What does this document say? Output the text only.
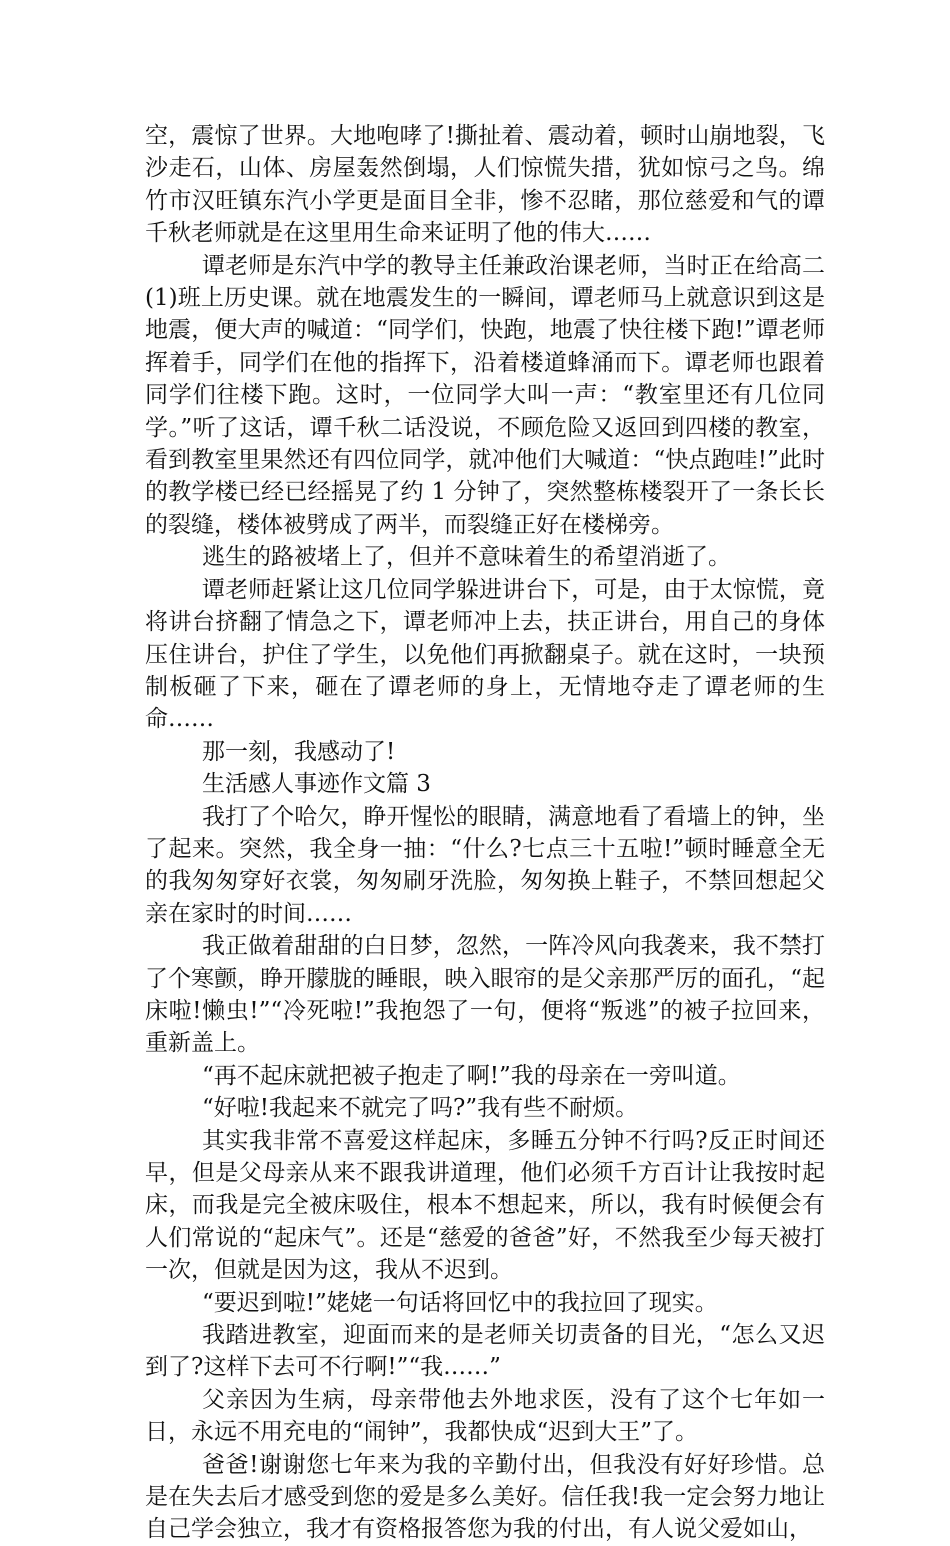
空，震惊了世界。大地咆哮了!撕扯着、震动着，顿时山崩地裂，飞沙走石，山体、房屋轰然倒塌，人们惊慌失措，犹如惊弓之鸟。绵竹市汉旺镇东汽小学更是面目全非，惨不忍睹，那位慈爱和气的谭千秋老师就是在这里用生命来证明了他的伟大……

谭老师是东汽中学的教导主任兼政治课老师，当时正在给高二(1)班上历史课。就在地震发生的一瞬间，谭老师马上就意识到这是地震，便大声的喊道：“同学们，快跑，地震了快往楼下跑!”谭老师挥着手，同学们在他的指挥下，沿着楼道蜂涌而下。谭老师也跟着同学们往楼下跑。这时，一位同学大叫一声：“教室里还有几位同学。”听了这话，谭千秋二话没说，不顾危险又返回到四楼的教室，看到教室里果然还有四位同学，就冲他们大喊道：“快点跑哇!”此时的教学楼已经已经摇晃了约 1 分钟了，突然整栋楼裂开了一条长长的裂缝，楼体被劈成了两半，而裂缝正好在楼梯旁。

逃生的路被堵上了，但并不意味着生的希望消逝了。

谭老师赶紧让这几位同学躲进讲台下，可是，由于太惊慌，竟将讲台挤翻了情急之下，谭老师冲上去，扶正讲台，用自己的身体压住讲台，护住了学生，以免他们再掀翻桌子。就在这时，一块预制板砸了下来，砸在了谭老师的身上，无情地夺走了谭老师的生命……

那一刻，我感动了!

生活感人事迹作文篇 3

我打了个哈欠，睁开惺忪的眼睛，满意地看了看墙上的钟，坐了起来。突然，我全身一抽：“什么?七点三十五啦!”顿时睡意全无的我匆匆穿好衣裳，匆匆刷牙洗脸，匆匆换上鞋子，不禁回想起父亲在家时的时间……

我正做着甜甜的白日梦，忽然，一阵冷风向我袭来，我不禁打了个寒颤，睁开朦胧的睡眼，映入眼帘的是父亲那严厉的面孔，“起床啦!懒虫!”“冷死啦!”我抱怨了一句，便将“叛逃”的被子拉回来，重新盖上。

“再不起床就把被子抱走了啊!”我的母亲在一旁叫道。

“好啦!我起来不就完了吗?”我有些不耐烦。

其实我非常不喜爱这样起床，多睡五分钟不行吗?反正时间还早，但是父母亲从来不跟我讲道理，他们必须千方百计让我按时起床，而我是完全被床吸住，根本不想起来，所以，我有时候便会有人们常说的“起床气”。还是“慈爱的爸爸”好，不然我至少每天被打一次，但就是因为这，我从不迟到。

“要迟到啦!”姥姥一句话将回忆中的我拉回了现实。

我踏进教室，迎面而来的是老师关切责备的目光，“怎么又迟到了?这样下去可不行啊!”“我……”

父亲因为生病，母亲带他去外地求医，没有了这个七年如一日，永远不用充电的“闹钟”，我都快成“迟到大王”了。

爸爸!谢谢您七年来为我的辛勤付出，但我没有好好珍惜。总是在失去后才感受到您的爱是多么美好。信任我!我一定会努力地让自己学会独立，我才有资格报答您为我的付出，有人说父爱如山，
